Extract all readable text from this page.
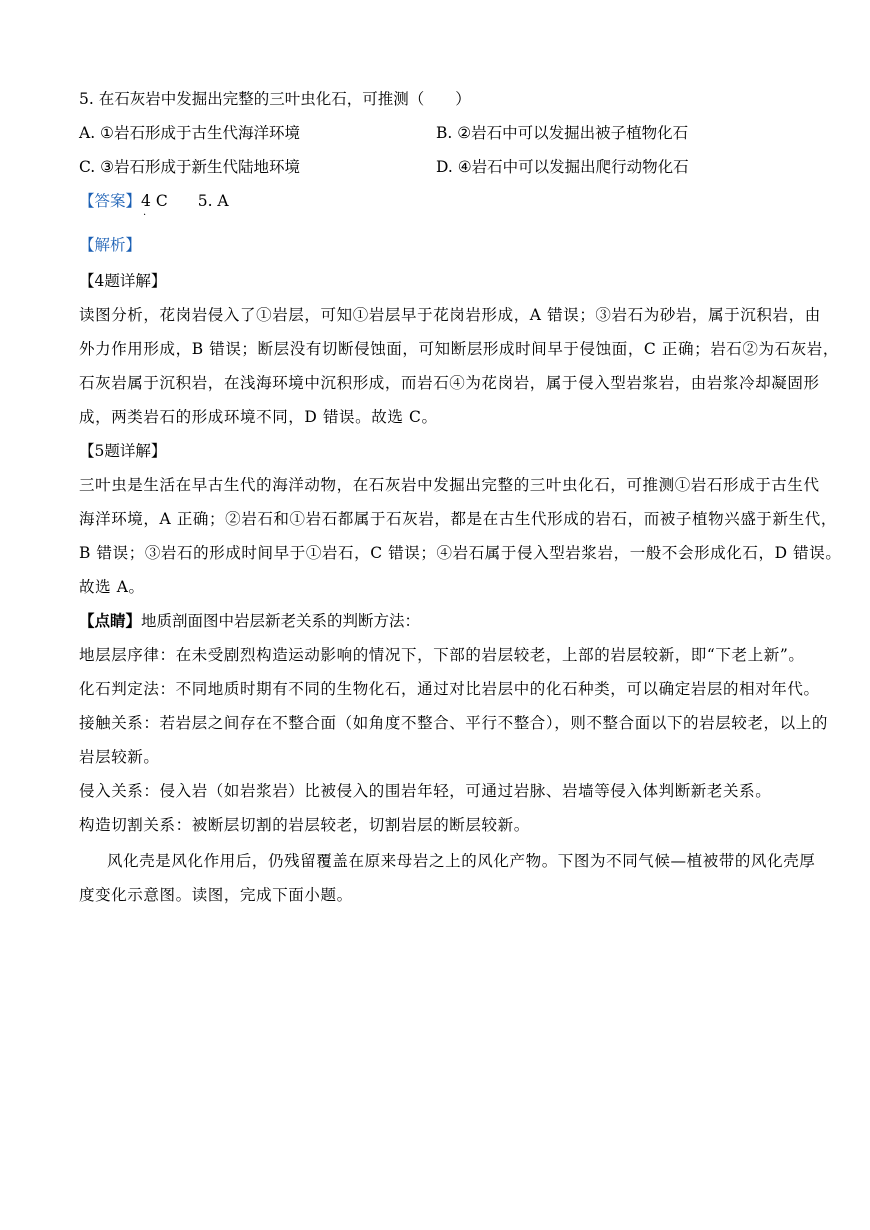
5. 在石灰岩中发掘出完整的三叶虫化石，可推测（　　）
A. ①岩石形成于古生代海洋环境	B. ②岩石中可以发掘出被子植物化石
C. ③岩石形成于新生代陆地环境	D. ④岩石中可以发掘出爬行动物化石
【答案】4
.
C 5. A
【解析】
【4题详解】
读图分析，花岗岩侵入了①岩层，可知①岩层早于花岗岩形成，A 错误；③岩石为砂岩，属于沉积岩，由
外力作用形成，B 错误；断层没有切断侵蚀面，可知断层形成时间早于侵蚀面，C 正确；岩石②为石灰岩，
石灰岩属于沉积岩，在浅海环境中沉积形成，而岩石④为花岗岩，属于侵入型岩浆岩，由岩浆冷却凝固形
成，两类岩石的形成环境不同，D 错误。故选 C。
【5题详解】
三叶虫是生活在早古生代的海洋动物，在石灰岩中发掘出完整的三叶虫化石，可推测①岩石形成于古生代
海洋环境，A 正确；②岩石和①岩石都属于石灰岩，都是在古生代形成的岩石，而被子植物兴盛于新生代，
B 错误；③岩石的形成时间早于①岩石，C 错误；④岩石属于侵入型岩浆岩，一般不会形成化石，D 错误。
故选 A。
【点睛】地质剖面图中岩层新老关系的判断方法：
地层层序律：在未受剧烈构造运动影响的情况下，下部的岩层较老，上部的岩层较新，即“下老上新”。
化石判定法：不同地质时期有不同的生物化石，通过对比岩层中的化石种类，可以确定岩层的相对年代。
接触关系：若岩层之间存在不整合面（如角度不整合、平行不整合），则不整合面以下的岩层较老，以上的
岩层较新。
侵入关系：侵入岩（如岩浆岩）比被侵入的围岩年轻，可通过岩脉、岩墙等侵入体判断新老关系。
构造切割关系：被断层切割的岩层较老，切割岩层的断层较新。
风化壳是风化作用后，仍残留覆盖在原来母岩之上的风化产物。下图为不同气候—植被带的风化壳厚
度变化示意图。读图，完成下面小题。
